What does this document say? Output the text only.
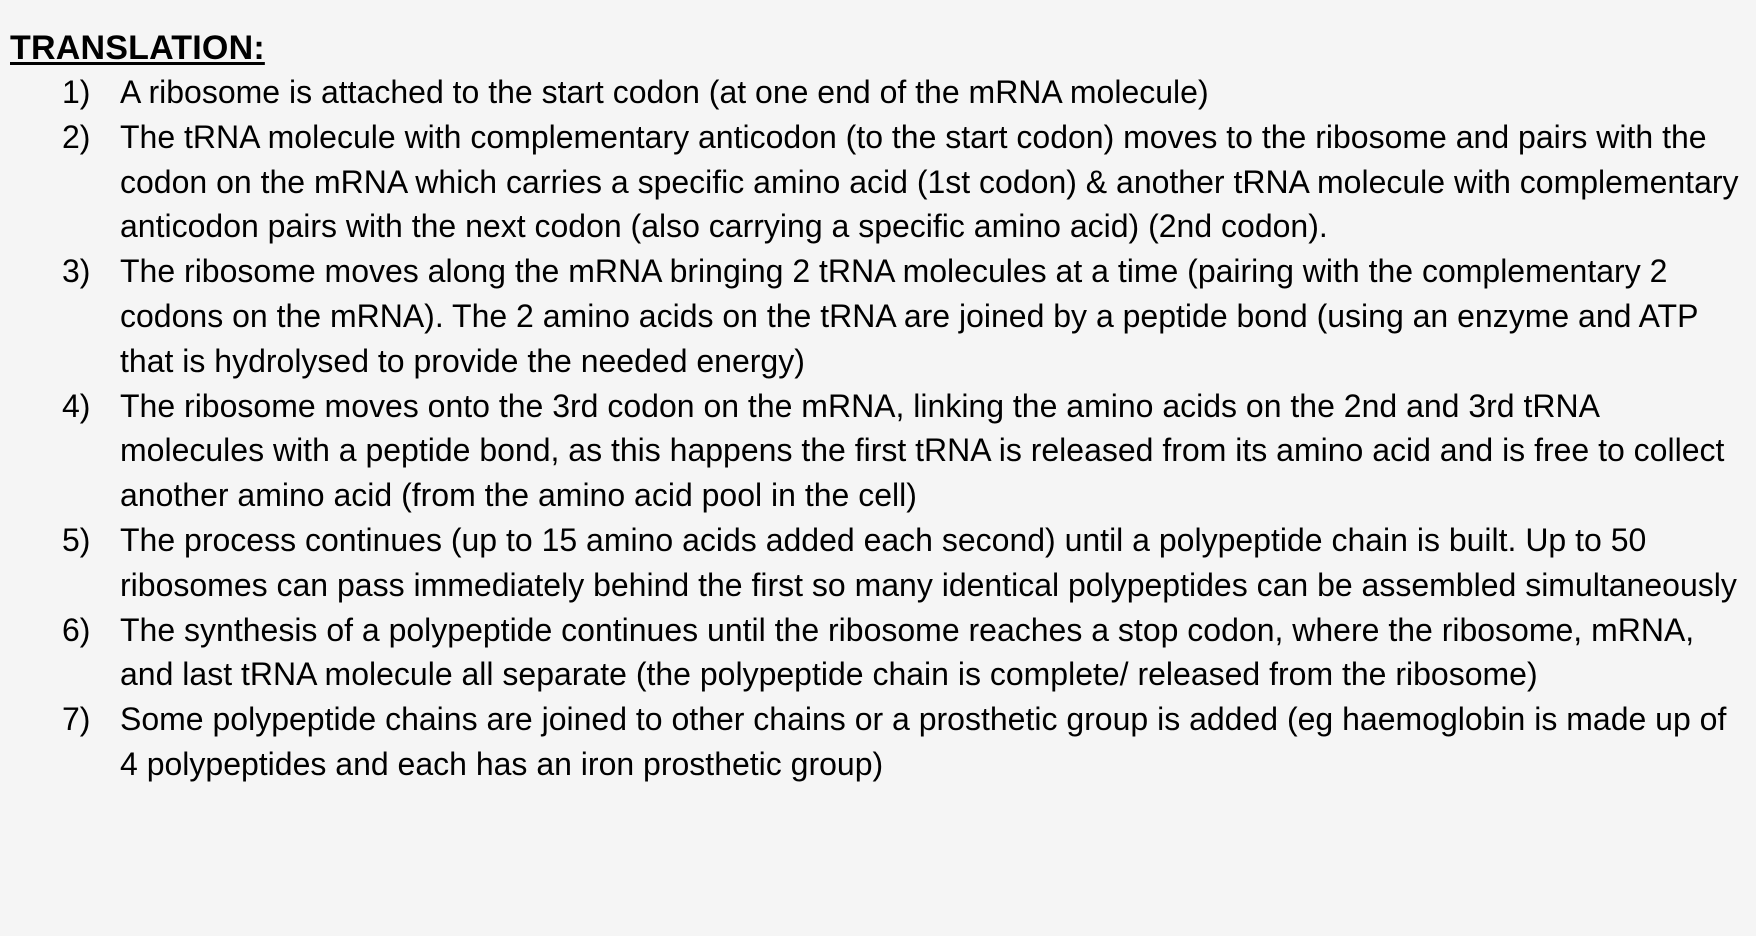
TRANSLATION:
1) A ribosome is attached to the start codon (at one end of the mRNA molecule)
2) The tRNA molecule with complementary anticodon (to the start codon) moves to the ribosome and pairs with the codon on the mRNA which carries a specific amino acid (1st codon) & another tRNA molecule with complementary anticodon pairs with the next codon (also carrying a specific amino acid) (2nd codon).
3) The ribosome moves along the mRNA bringing 2 tRNA molecules at a time (pairing with the complementary 2 codons on the mRNA). The 2 amino acids on the tRNA are joined by a peptide bond (using an enzyme and ATP that is hydrolysed to provide the needed energy)
4) The ribosome moves onto the 3rd codon on the mRNA, linking the amino acids on the 2nd and 3rd tRNA molecules with a peptide bond, as this happens the first tRNA is released from its amino acid and is free to collect another amino acid (from the amino acid pool in the cell)
5) The process continues (up to 15 amino acids added each second) until a polypeptide chain is built. Up to 50 ribosomes can pass immediately behind the first so many identical polypeptides can be assembled simultaneously
6) The synthesis of a polypeptide continues until the ribosome reaches a stop codon, where the ribosome, mRNA, and last tRNA molecule all separate (the polypeptide chain is complete/ released from the ribosome)
7) Some polypeptide chains are joined to other chains or a prosthetic group is added (eg haemoglobin is made up of 4 polypeptides and each has an iron prosthetic group)
